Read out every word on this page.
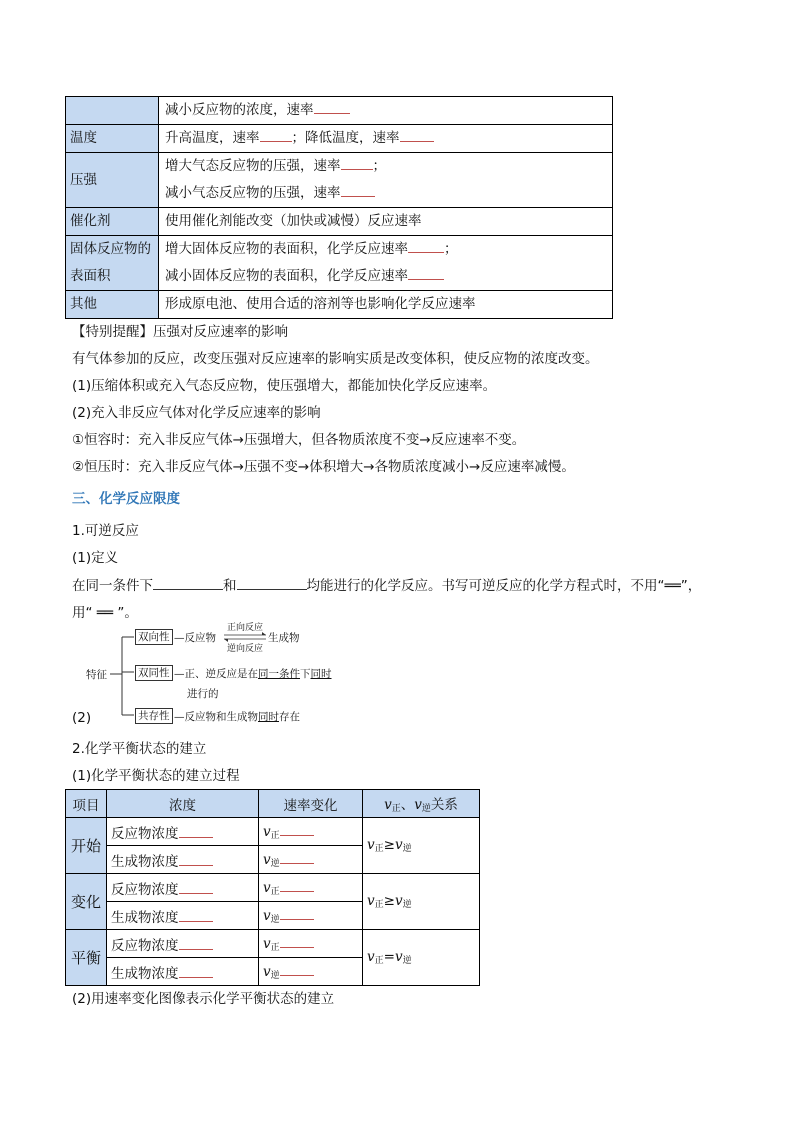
	减小反应物的浓度，速率
温度	升高温度，速率 ；降低温度，速率
压强	增大气态反应物的压强，速率 ；
减小气态反应物的压强，速率

催化剂	使用催化剂能改变（加快或减慢）反应速率
固体反应物的表面积	增大固体反应物的表面积，化学反应速率 ；
减小固体反应物的表面积，化学反应速率

其他	形成原电池、使用合适的溶剂等也影响化学反应速率
【特别提醒】压强对反应速率的影响
有气体参加的反应，改变压强对反应速率的影响实质是改变体积，使反应物的浓度改变。
(1)压缩体积或充入气态反应物，使压强增大，都能加快化学反应速率。
(2)充入非反应气体对化学反应速率的影响
①恒容时：充入非反应气体→压强增大，但各物质浓度不变→反应速率不变。
②恒压时：充入非反应气体→压强不变→体积增大→各物质浓度减小→反应速率减慢。
三、化学反应限度
1.可逆反应
(1)定义
在同一条件下	和	均能进行的化学反应。书写可逆反应的化学方程式时，不用“══”，
用“ ══ ”。
特征
双向性 —反应物
正向反应
逆向反应
生成物
双同性 —正、逆反应是在同一条件下同时
进行的
共存性 —反应物和生成物同时存在
(2)
2.化学平衡状态的建立
(1)化学平衡状态的建立过程
项目	浓度	速率变化	$v_正$、$v_逆$关系
开始	反应物浓度	$v_正$	$v_正\ge v_逆$
	生成物浓度	$v_逆$
变化	反应物浓度	$v_正$	$v_正\ge v_逆$
	生成物浓度	$v_逆$
平衡	反应物浓度	$v_正$	$v_正=v_逆$
	生成物浓度	$v_逆$
(2)用速率变化图像表示化学平衡状态的建立
